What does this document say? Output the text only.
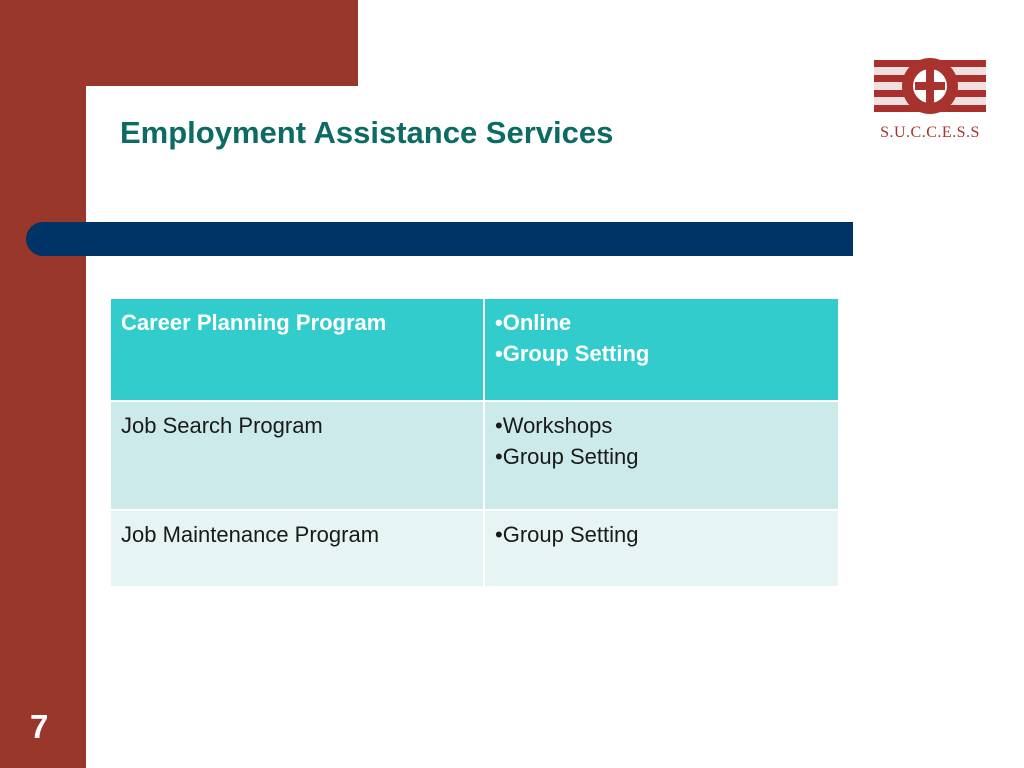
Employment Assistance Services	S.U.C.C.E.S.S
Career Planning Program	•Online
•Group Setting

Job Search Program	•Workshops
•Group Setting

Job Maintenance Program	•Group Setting
7
